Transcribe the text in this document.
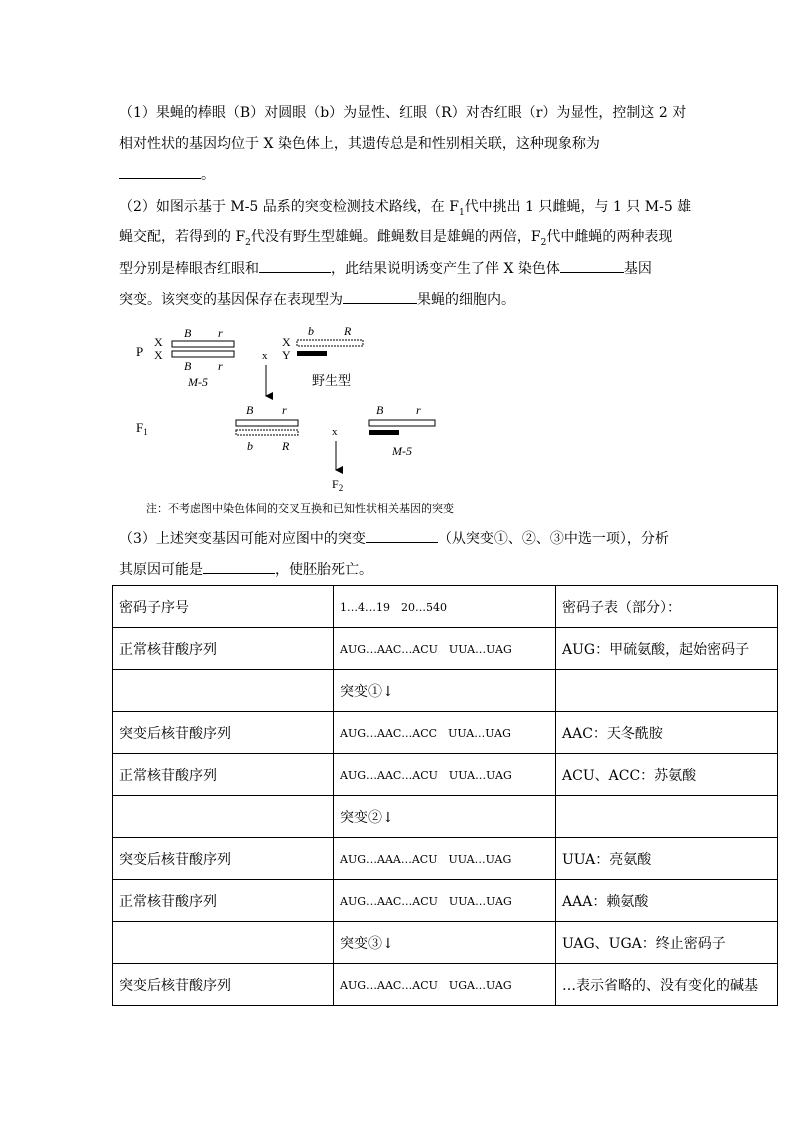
（1）果蝇的棒眼（B）对圆眼（b）为显性、红眼（R）对杏红眼（r）为显性，控制这 2 对
相对性状的基因均位于 X 染色体上，其遗传总是和性别相关联，这种现象称为
。
（2）如图示基于 M-5 品系的突变检测技术路线，在 $F_1$代中挑出 1 只雌蝇，与 1 只 M-5 雄
蝇交配，若得到的 $F_2$代没有野生型雄蝇。雌蝇数目是雄蝇的两倍，$F_2$代中雌蝇的两种表现
型分别是棒眼杏红眼和	，此结果说明诱变产生了伴 X 染色体	基因
突变。该突变的基因保存在表现型为	果蝇的细胞内。
P
X
X
B r
B r
M-5
x
X
Y
b	R
野生型
$F_1$
B r
b R
x
$F_2$
B	r
M-5
注：不考虑图中染色体间的交叉互换和已知性状相关基因的突变
（3）上述突变基因可能对应图中的突变	（从突变①、②、③中选一项），分析
其原因可能是	，使胚胎死亡。
密码子序号	1…4…19　20…540	密码子表（部分）：
正常核苷酸序列	AUG…AAC…ACU　UUA…UAG	AUG：甲硫氨酸，起始密码子
	突变①↓	
突变后核苷酸序列	AUG…AAC…ACC　UUA…UAG	AAC：天冬酰胺
正常核苷酸序列	AUG…AAC…ACU　UUA…UAG	ACU、ACC：苏氨酸
	突变②↓	
突变后核苷酸序列	AUG…AAA…ACU　UUA…UAG	UUA：亮氨酸
正常核苷酸序列	AUG…AAC…ACU　UUA…UAG	AAA：赖氨酸
	突变③↓	UAG、UGA：终止密码子
突变后核苷酸序列	AUG…AAC…ACU　UGA…UAG	…表示省略的、没有变化的碱基
